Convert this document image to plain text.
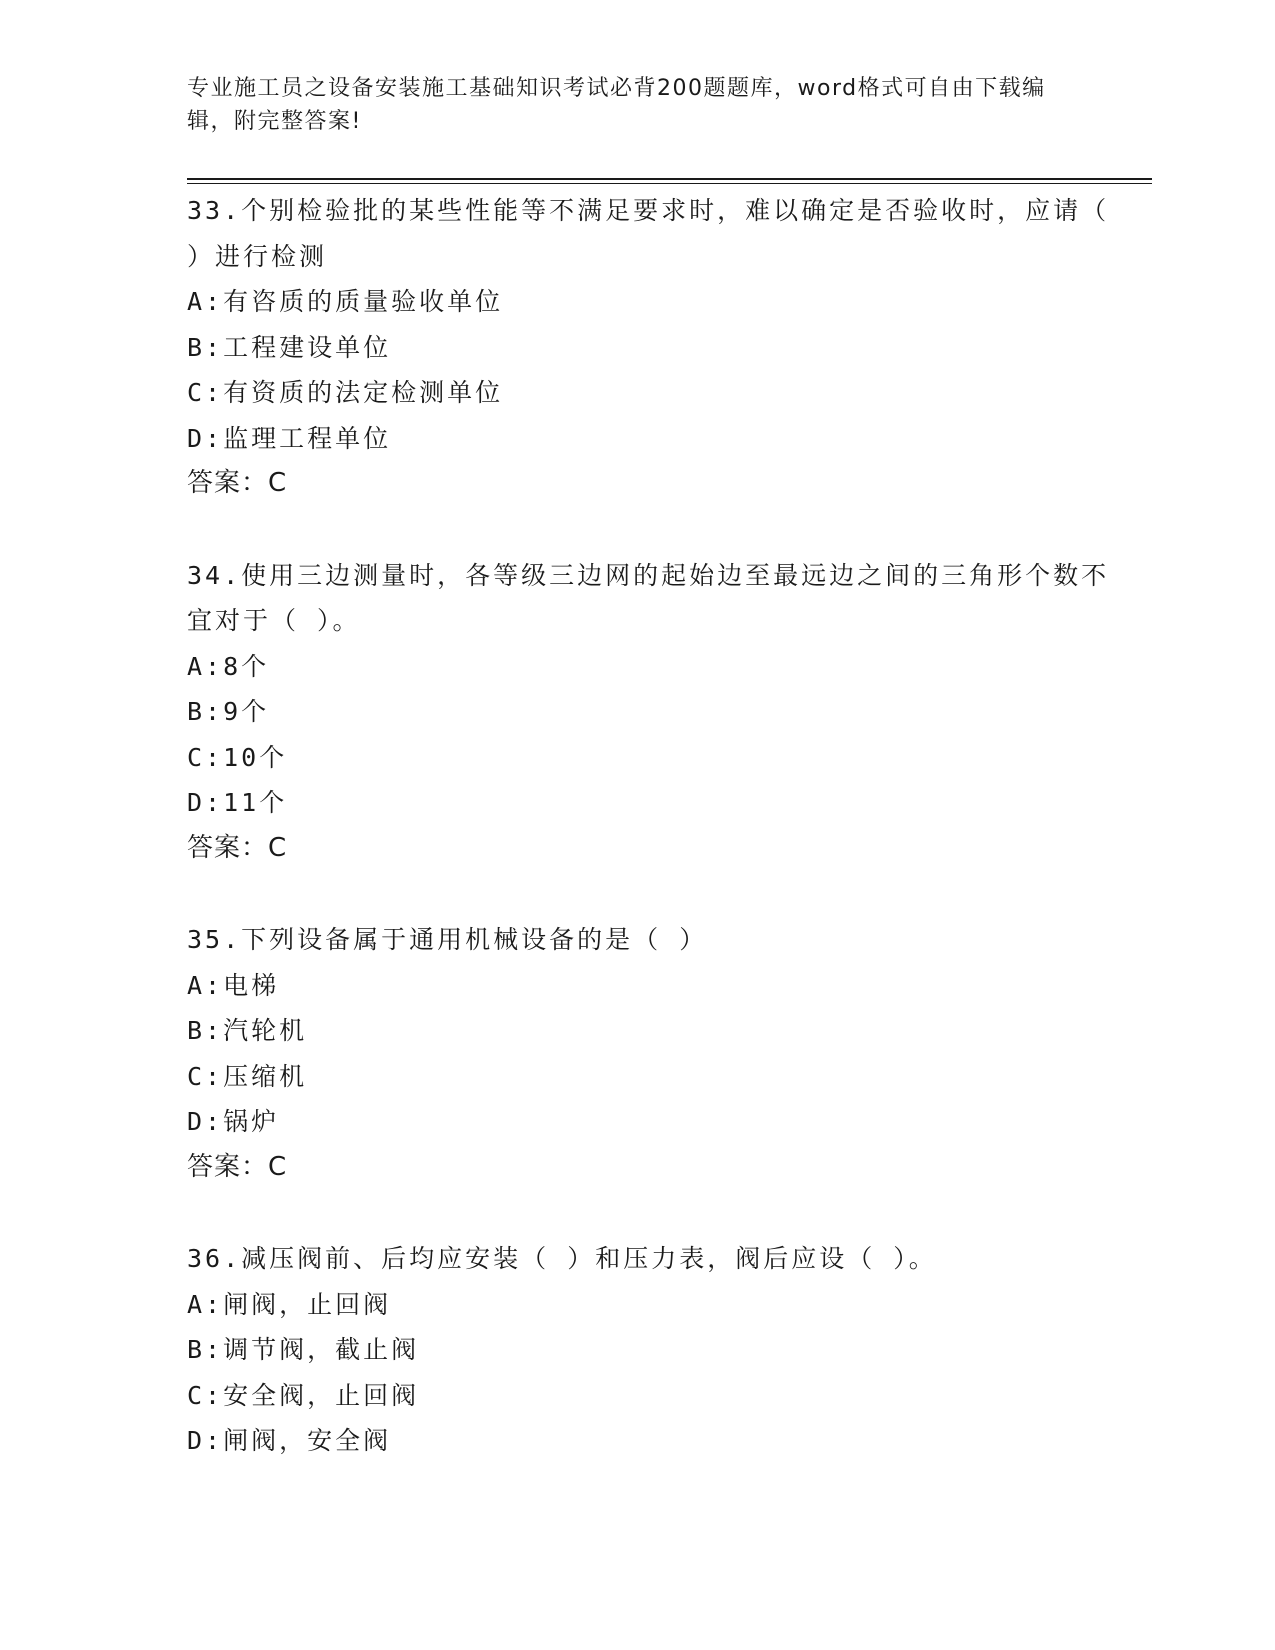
专业施工员之设备安装施工基础知识考试必背200题题库，word格式可自由下载编辑，附完整答案!
33.个别检验批的某些性能等不满足要求时，难以确定是否验收时，应请（ ）进行检测
A:有咨质的质量验收单位
B:工程建设单位
C:有资质的法定检测单位
D:监理工程单位
答案：C
34.使用三边测量时，各等级三边网的起始边至最远边之间的三角形个数不宜对于（ ）。
A:8个
B:9个
C:10个
D:11个
答案：C
35.下列设备属于通用机械设备的是（ ）
A:电梯
B:汽轮机
C:压缩机
D:锅炉
答案：C
36.减压阀前、后均应安装（ ）和压力表，阀后应设（ ）。
A:闸阀，止回阀
B:调节阀，截止阀
C:安全阀，止回阀
D:闸阀，安全阀
